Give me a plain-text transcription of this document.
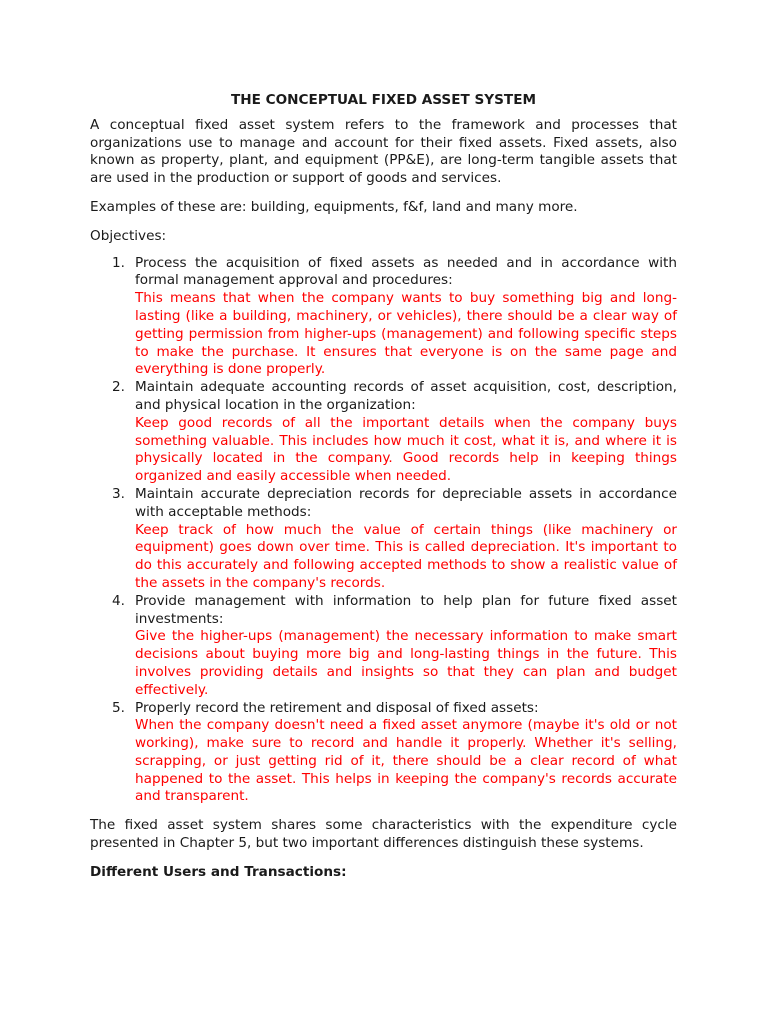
THE CONCEPTUAL FIXED ASSET SYSTEM

A conceptual fixed asset system refers to the framework and processes that organizations use to manage and account for their fixed assets. Fixed assets, also known as property, plant, and equipment (PP&E), are long-term tangible assets that are used in the production or support of goods and services.

Examples of these are: building, equipments, f&f, land and many more.

Objectives:

1. Process the acquisition of fixed assets as needed and in accordance with formal management approval and procedures:
This means that when the company wants to buy something big and long-lasting (like a building, machinery, or vehicles), there should be a clear way of getting permission from higher-ups (management) and following specific steps to make the purchase. It ensures that everyone is on the same page and everything is done properly.
2. Maintain adequate accounting records of asset acquisition, cost, description, and physical location in the organization:
Keep good records of all the important details when the company buys something valuable. This includes how much it cost, what it is, and where it is physically located in the company. Good records help in keeping things organized and easily accessible when needed.
3. Maintain accurate depreciation records for depreciable assets in accordance with acceptable methods:
Keep track of how much the value of certain things (like machinery or equipment) goes down over time. This is called depreciation. It's important to do this accurately and following accepted methods to show a realistic value of the assets in the company's records.
4. Provide management with information to help plan for future fixed asset investments:
Give the higher-ups (management) the necessary information to make smart decisions about buying more big and long-lasting things in the future. This involves providing details and insights so that they can plan and budget effectively.
5. Properly record the retirement and disposal of fixed assets:
When the company doesn't need a fixed asset anymore (maybe it's old or not working), make sure to record and handle it properly. Whether it's selling, scrapping, or just getting rid of it, there should be a clear record of what happened to the asset. This helps in keeping the company's records accurate and transparent.

The fixed asset system shares some characteristics with the expenditure cycle presented in Chapter 5, but two important differences distinguish these systems.

Different Users and Transactions:
